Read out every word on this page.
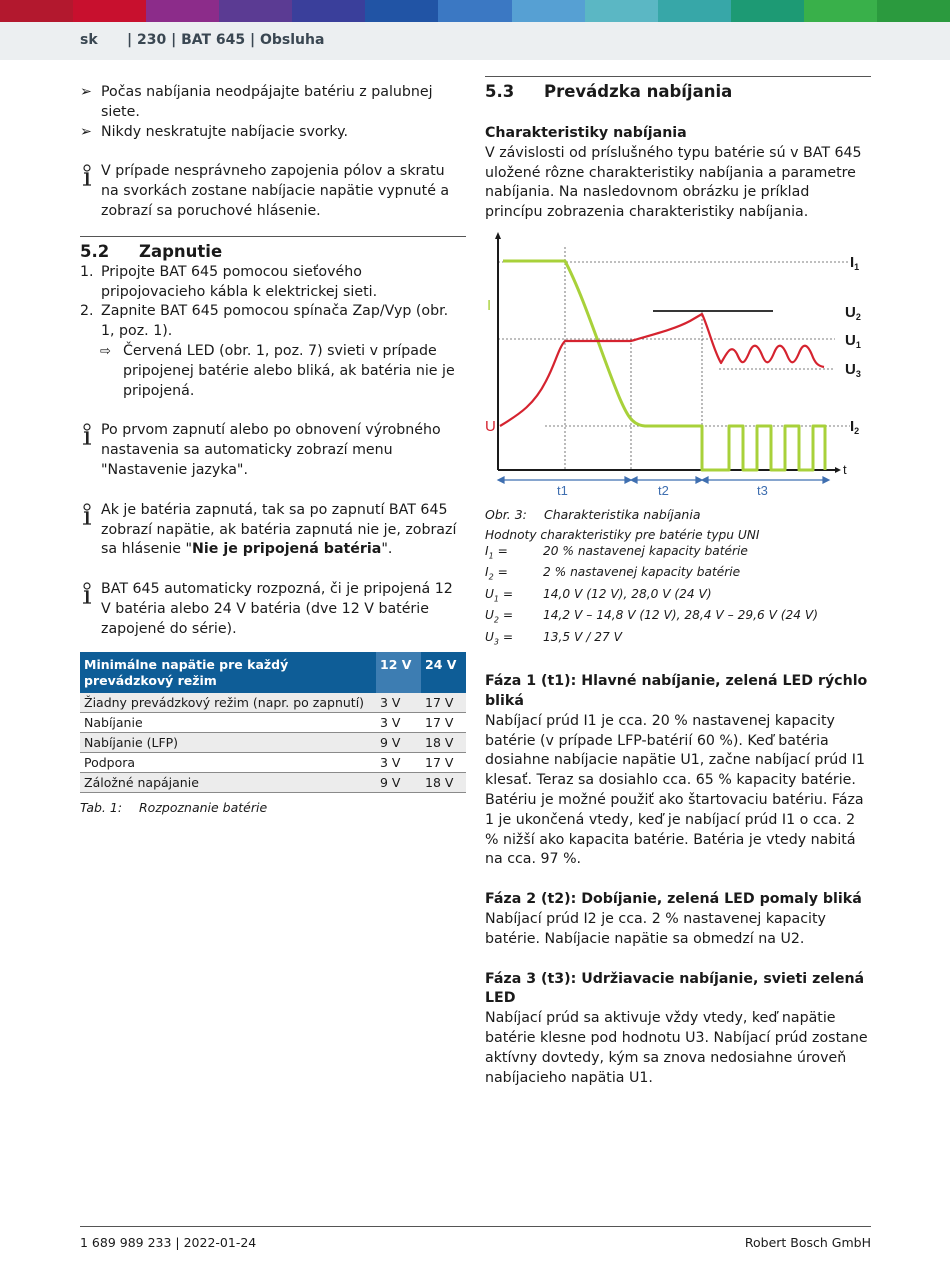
sk | 230 | BAT 645 | Obsluha
➢ Počas nabíjania neodpájajte batériu z palubnej siete.
➢ Nikdy neskratujte nabíjacie svorky.
V prípade nesprávneho zapojenia pólov a skratu na svorkách zostane nabíjacie napätie vypnuté a zobrazí sa poruchové hlásenie.
5.2	Zapnutie
1. Pripojte BAT 645 pomocou sieťového pripojovacieho kábla k elektrickej sieti.
2. Zapnite BAT 645 pomocou spínača Zap/Vyp (obr. 1, poz. 1).
⇨ Červená LED (obr. 1, poz. 7) svieti v prípade pripojenej batérie alebo bliká, ak batéria nie je pripojená.
Po prvom zapnutí alebo po obnovení výrobného nastavenia sa automaticky zobrazí menu "Nastavenie jazyka".
Ak je batéria zapnutá, tak sa po zapnutí BAT 645 zobrazí napätie, ak batéria zapnutá nie je, zobrazí sa hlásenie "Nie je pripojená batéria".
BAT 645 automaticky rozpozná, či je pripojená 12 V batéria alebo 24 V batéria (dve 12 V batérie zapojené do série).
Minimálne napätie pre každý prevádzkový režim	12 V	24 V
Žiadny prevádzkový režim (napr. po zapnutí)	3 V	17 V
Nabíjanie	3 V	17 V
Nabíjanie (LFP)	9 V	18 V
Podpora	3 V	17 V
Záložné napájanie	9 V	18 V
Tab. 1: Rozpoznanie batérie
5.3	Prevádzka nabíjania
Charakteristiky nabíjania
V závislosti od príslušného typu batérie sú v BAT 645 uložené rôzne charakteristiky nabíjania a parametre nabíjania. Na nasledovnom obrázku je príklad princípu zobrazenia charakteristiky nabíjania.
I
U
t
$I_1$
$U_2$
$U_1$
$U_3$
$I_2$
t1	t2	t3
Obr. 3: Charakteristika nabíjania
Hodnoty charakteristiky pre batérie typu UNI
$I_1$ =	20 % nastavenej kapacity batérie
$I_2$ =	2 % nastavenej kapacity batérie
$U_1$ =	14,0 V (12 V), 28,0 V (24 V)
$U_2$ =	14,2 V – 14,8 V (12 V), 28,4 V – 29,6 V (24 V)
$U_3$ =	13,5 V / 27 V
Fáza 1 (t1): Hlavné nabíjanie, zelená LED rýchlo bliká
Nabíjací prúd I1 je cca. 20 % nastavenej kapacity batérie (v prípade LFP-batérií 60 %). Keď batéria dosiahne nabíjacie napätie U1, začne nabíjací prúd I1 klesať. Teraz sa dosiahlo cca. 65 % kapacity batérie. Batériu je možné použiť ako štartovaciu batériu. Fáza 1 je ukončená vtedy, keď je nabíjací prúd I1 o cca. 2 % nižší ako kapacita batérie. Batéria je vtedy nabitá na cca. 97 %.
Fáza 2 (t2): Dobíjanie, zelená LED pomaly bliká
Nabíjací prúd I2 je cca. 2 % nastavenej kapacity batérie. Nabíjacie napätie sa obmedzí na U2.
Fáza 3 (t3): Udržiavacie nabíjanie, svieti zelená LED
Nabíjací prúd sa aktivuje vždy vtedy, keď napätie batérie klesne pod hodnotu U3. Nabíjací prúd zostane aktívny dovtedy, kým sa znova nedosiahne úroveň nabíjacieho napätia U1.
1 689 989 233 | 2022-01-24	Robert Bosch GmbH
